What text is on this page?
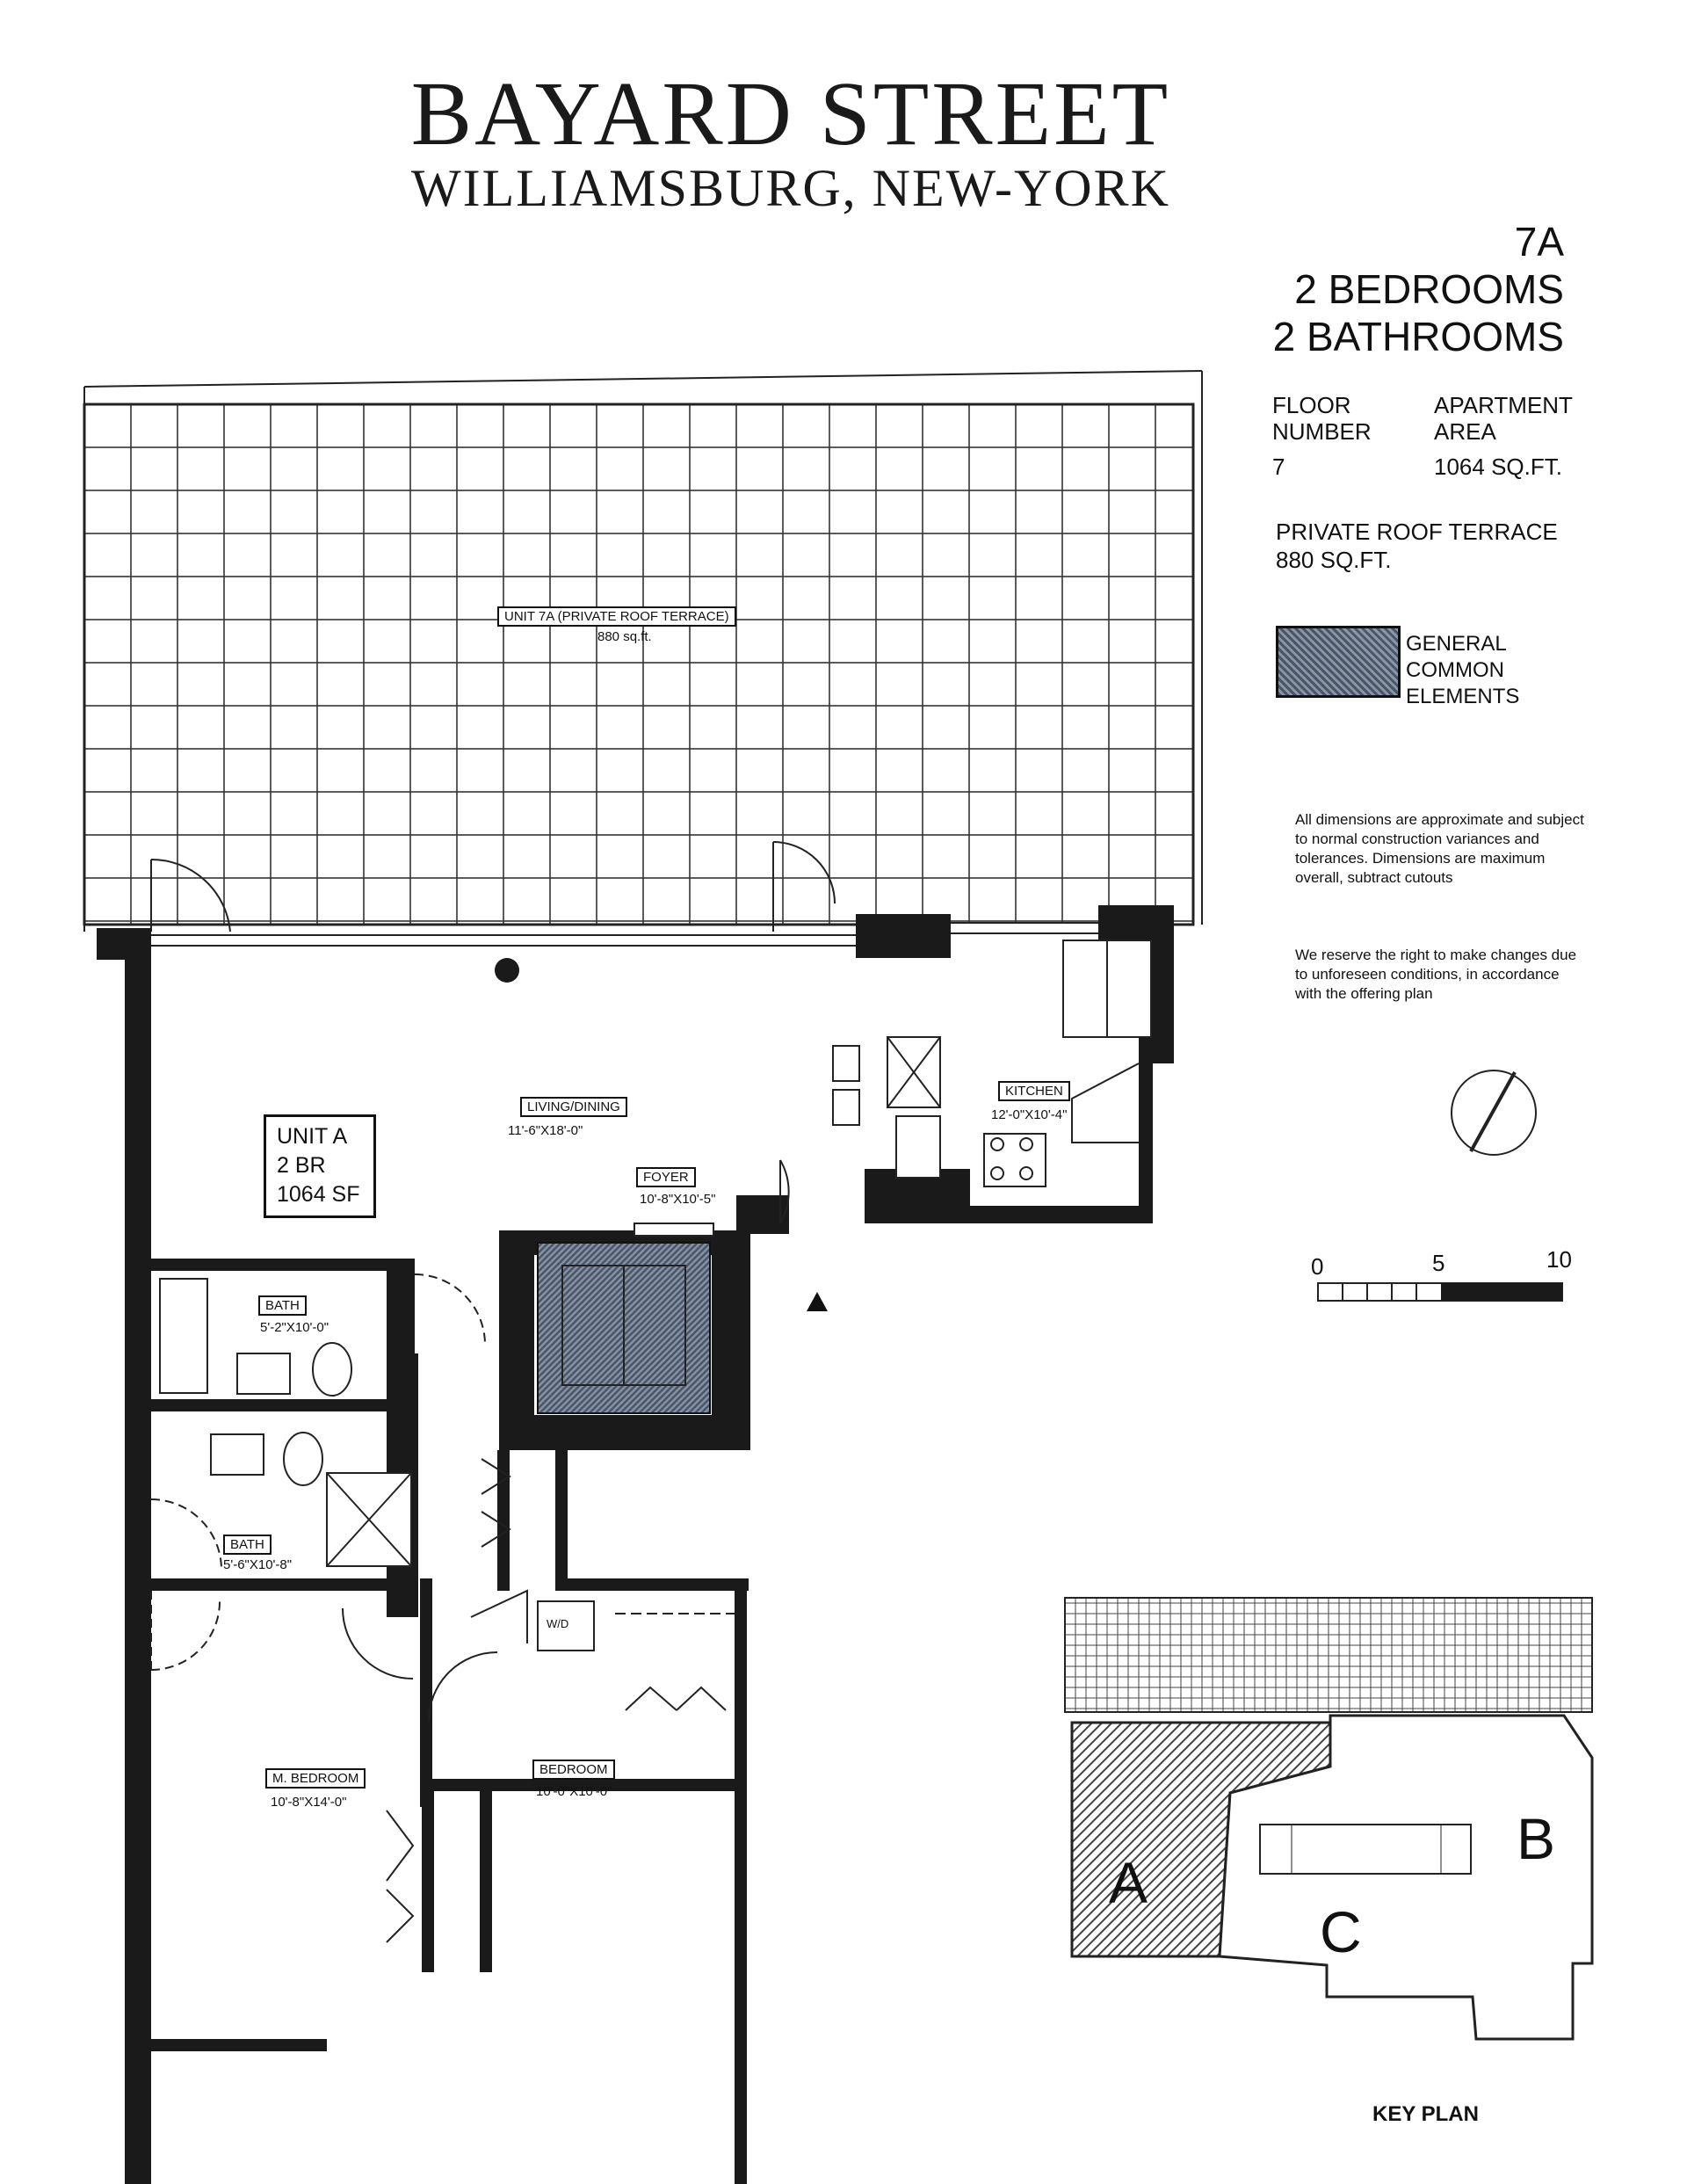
BAYARD STREET
WILLIAMSBURG, NEW-YORK
7A
2 BEDROOMS
2 BATHROOMS
FLOOR NUMBER
7
APARTMENT AREA
1064 SQ.FT.
PRIVATE ROOF TERRACE
880 SQ.FT.
GENERAL COMMON ELEMENTS
All dimensions are approximate and subject to normal construction variances and tolerances. Dimensions are maximum overall, subtract cutouts
We reserve the right to make changes due to unforeseen conditions, in accordance with the offering plan
UNIT 7A (PRIVATE ROOF TERRACE)
880 sq.ft.
UNIT A
2 BR
1064 SF
LIVING/DINING
11'-6"X18'-0"
KITCHEN
12'-0"X10'-4"
FOYER
10'-8"X10'-5"
BATH
5'-2"X10'-0"
BATH
5'-6"X10'-8"
W/D
M. BEDROOM
10'-8"X14'-0"
BEDROOM
10'-0"X10'-0"
0	5	10
A
B
C
KEY PLAN
